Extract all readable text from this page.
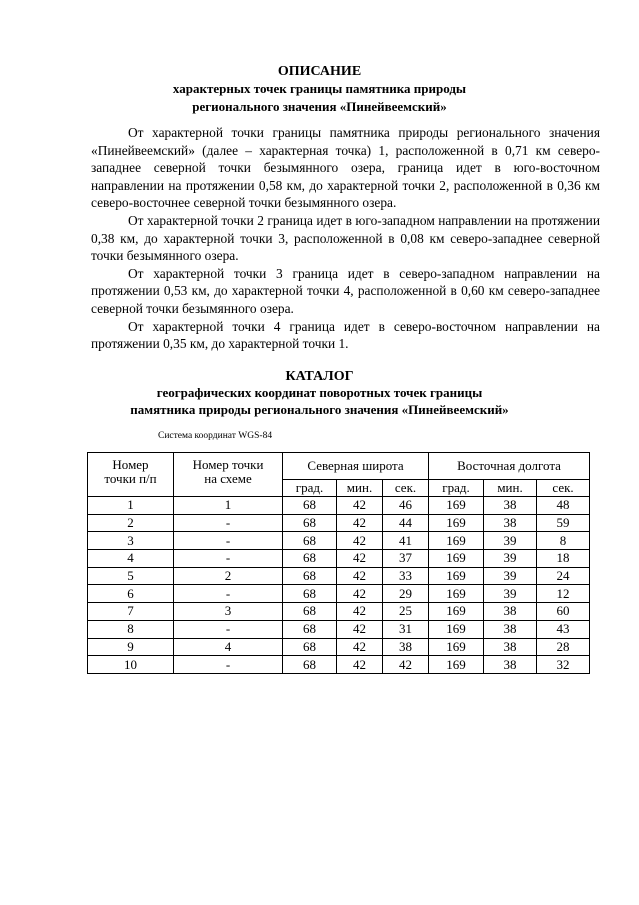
ОПИСАНИЕ
характерных точек границы памятника природы
регионального значения «Пинейвеемский»

От характерной точки границы памятника природы регионального значения «Пинейвеемский» (далее – характерная точка) 1, расположенной в 0,71 км северо-западнее северной точки безымянного озера, граница идет в юго-восточном направлении на протяжении 0,58 км, до характерной точки 2, расположенной в 0,36 км северо-восточнее северной точки безымянного озера.

От характерной точки 2 граница идет в юго-западном направлении на протяжении 0,38 км, до характерной точки 3, расположенной в 0,08 км северо-западнее северной точки безымянного озера.

От характерной точки 3 граница идет в северо-западном направлении на протяжении 0,53 км, до характерной точки 4, расположенной в 0,60 км северо-западнее северной точки безымянного озера.

От характерной точки 4 граница идет в северо-восточном направлении на протяжении 0,35 км, до характерной точки 1.

КАТАЛОГ
географических координат поворотных точек границы
памятника природы регионального значения «Пинейвеемский»
Система координат WGS-84
Номер
точки п/п	Номер точки
на схеме	Северная широта			Восточная долгота		
		град.	мин.	сек.	град.	мин.	сек.
1	1	68	42	46	169	38	48
2	-	68	42	44	169	38	59
3	-	68	42	41	169	39	8
4	-	68	42	37	169	39	18
5	2	68	42	33	169	39	24
6	-	68	42	29	169	39	12
7	3	68	42	25	169	38	60
8	-	68	42	31	169	38	43
9	4	68	42	38	169	38	28
10	-	68	42	42	169	38	32
